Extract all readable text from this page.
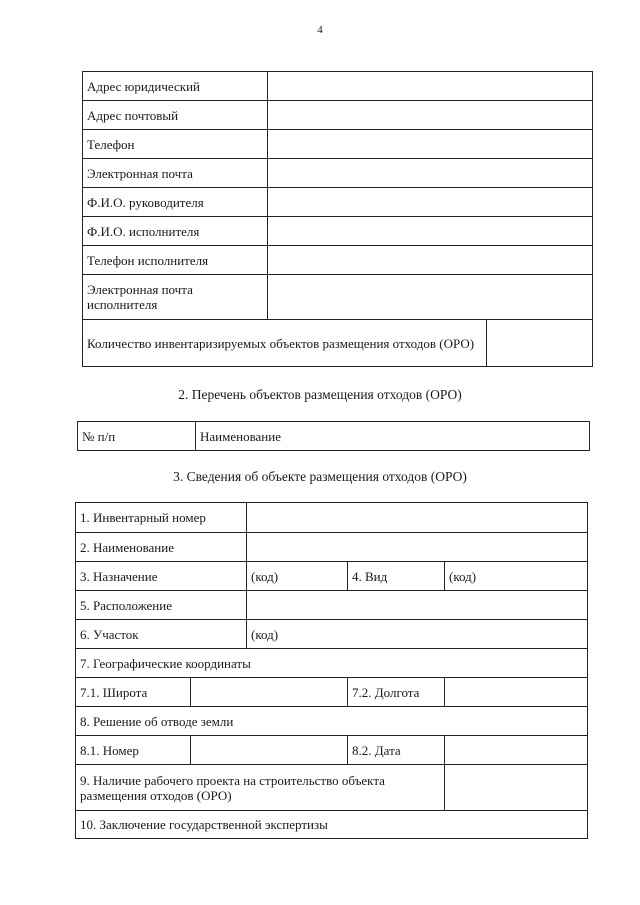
4
Адрес юридический		
Адрес почтовый		
Телефон		
Электронная почта		
Ф.И.О. руководителя		
Ф.И.О. исполнителя		
Телефон исполнителя		
Электронная почта исполнителя		
Количество инвентаризируемых объектов размещения отходов (ОРО)		
2. Перечень объектов размещения отходов (ОРО)
№ п/п	Наименование
3. Сведения об объекте размещения отходов (ОРО)
1. Инвентарный номер				
2. Наименование				
3. Назначение		(код)	4. Вид	(код)
5. Расположение				
6. Участок		(код)		
7. Географические координаты				
7.1. Широта			7.2. Долгота	
8. Решение об отводе земли				
8.1. Номер			8.2. Дата	
9. Наличие рабочего проекта на строительство объекта размещения отходов (ОРО)				
10. Заключение государственной экспертизы				
